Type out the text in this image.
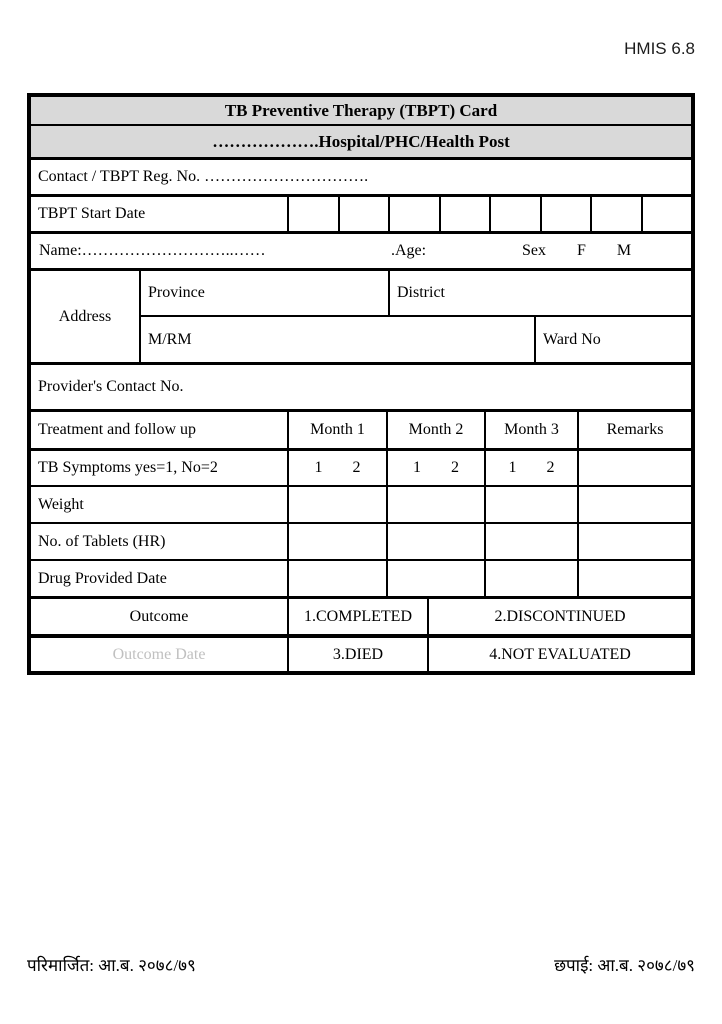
HMIS 6.8
TB Preventive Therapy (TBPT) Card
……………….Hospital/PHC/Health Post
Contact / TBPT Reg. No. ………………………….
TBPT Start Date
Name:………………………..……	.Age:	Sex F M
Address
Province	District
M/RM	Ward No
Provider's Contact No.
Treatment and follow up	Month 1	Month 2	Month 3	Remarks
TB Symptoms yes=1, No=2	1 2	1 2	1 2
Weight
No. of Tablets (HR)
Drug Provided Date
Outcome	1.COMPLETED	2.DISCONTINUED
Outcome Date	3.DIED	4.NOT EVALUATED
परिमार्जित: आ.ब. २०७८/७९	छपाई: आ.ब. २०७८/७९
